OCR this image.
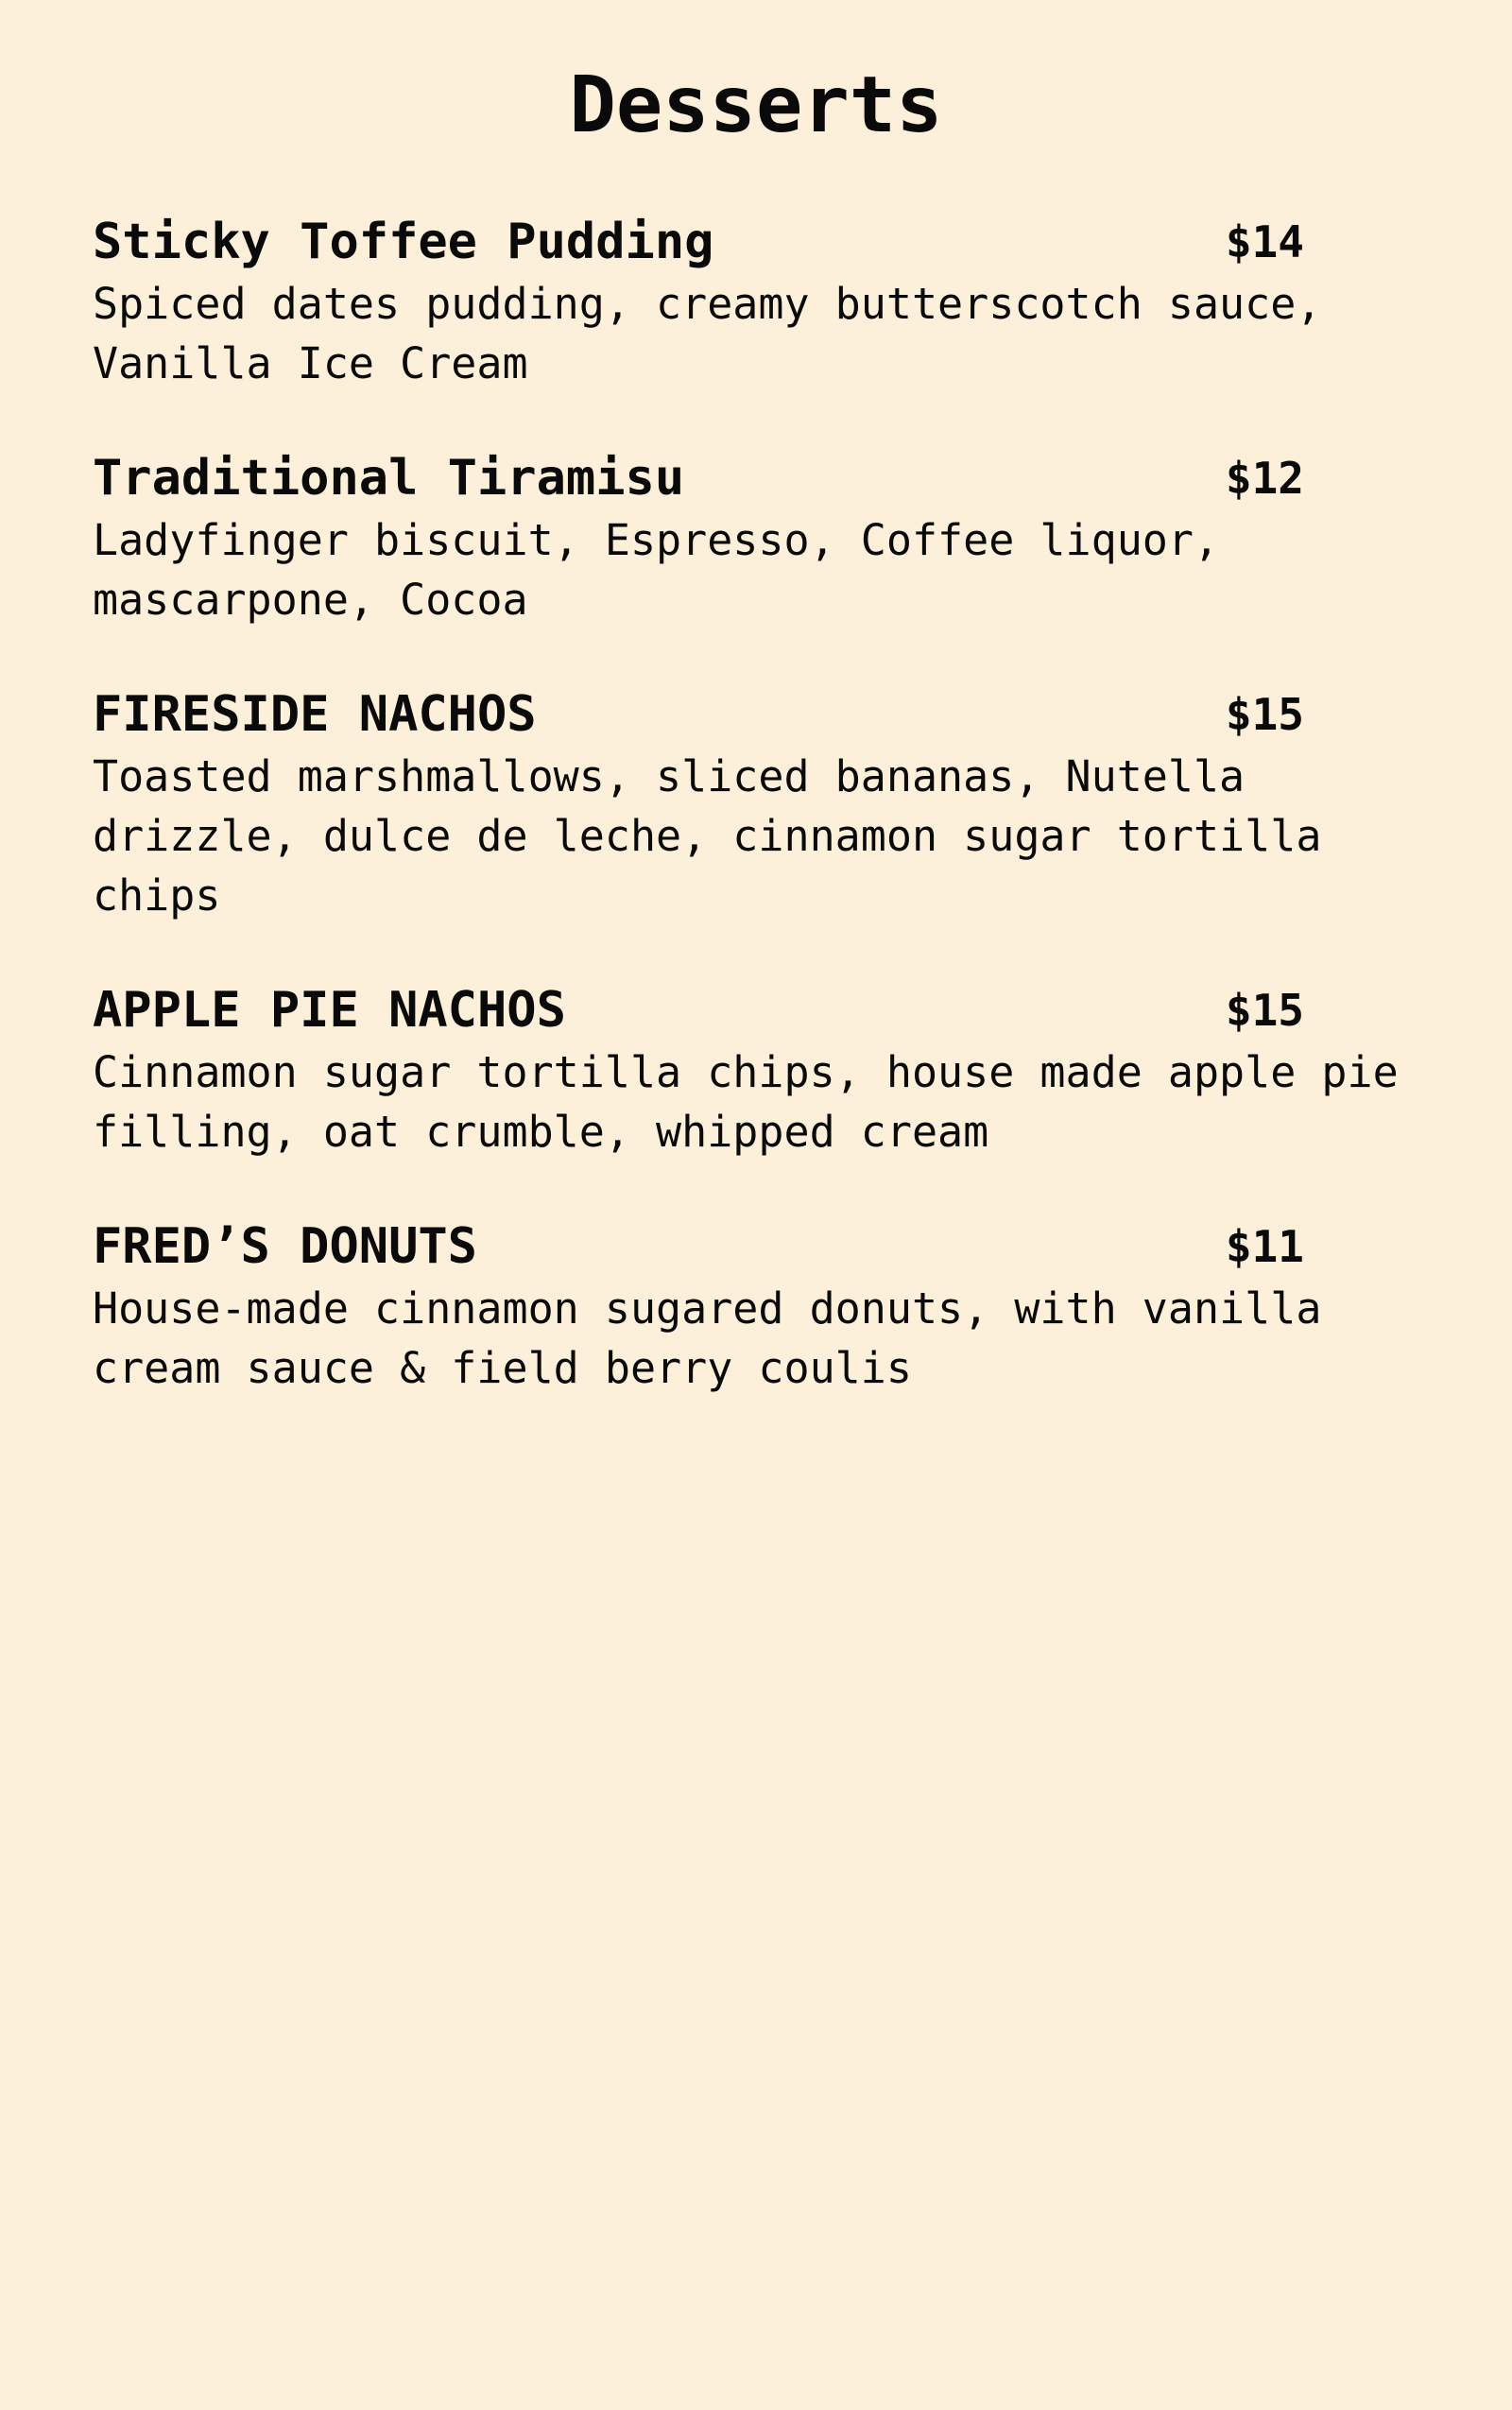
Desserts
Sticky Toffee Pudding	$14
Spiced dates pudding, creamy butterscotch sauce,
Vanilla Ice Cream
Traditional Tiramisu	$12
Ladyfinger biscuit, Espresso, Coffee liquor,
mascarpone, Cocoa
FIRESIDE NACHOS	$15
Toasted marshmallows, sliced bananas, Nutella
drizzle, dulce de leche, cinnamon sugar tortilla
chips
APPLE PIE NACHOS	$15
Cinnamon sugar tortilla chips, house made apple pie
filling, oat crumble, whipped cream
FRED’S DONUTS	$11
House-made cinnamon sugared donuts, with vanilla
cream sauce & field berry coulis
